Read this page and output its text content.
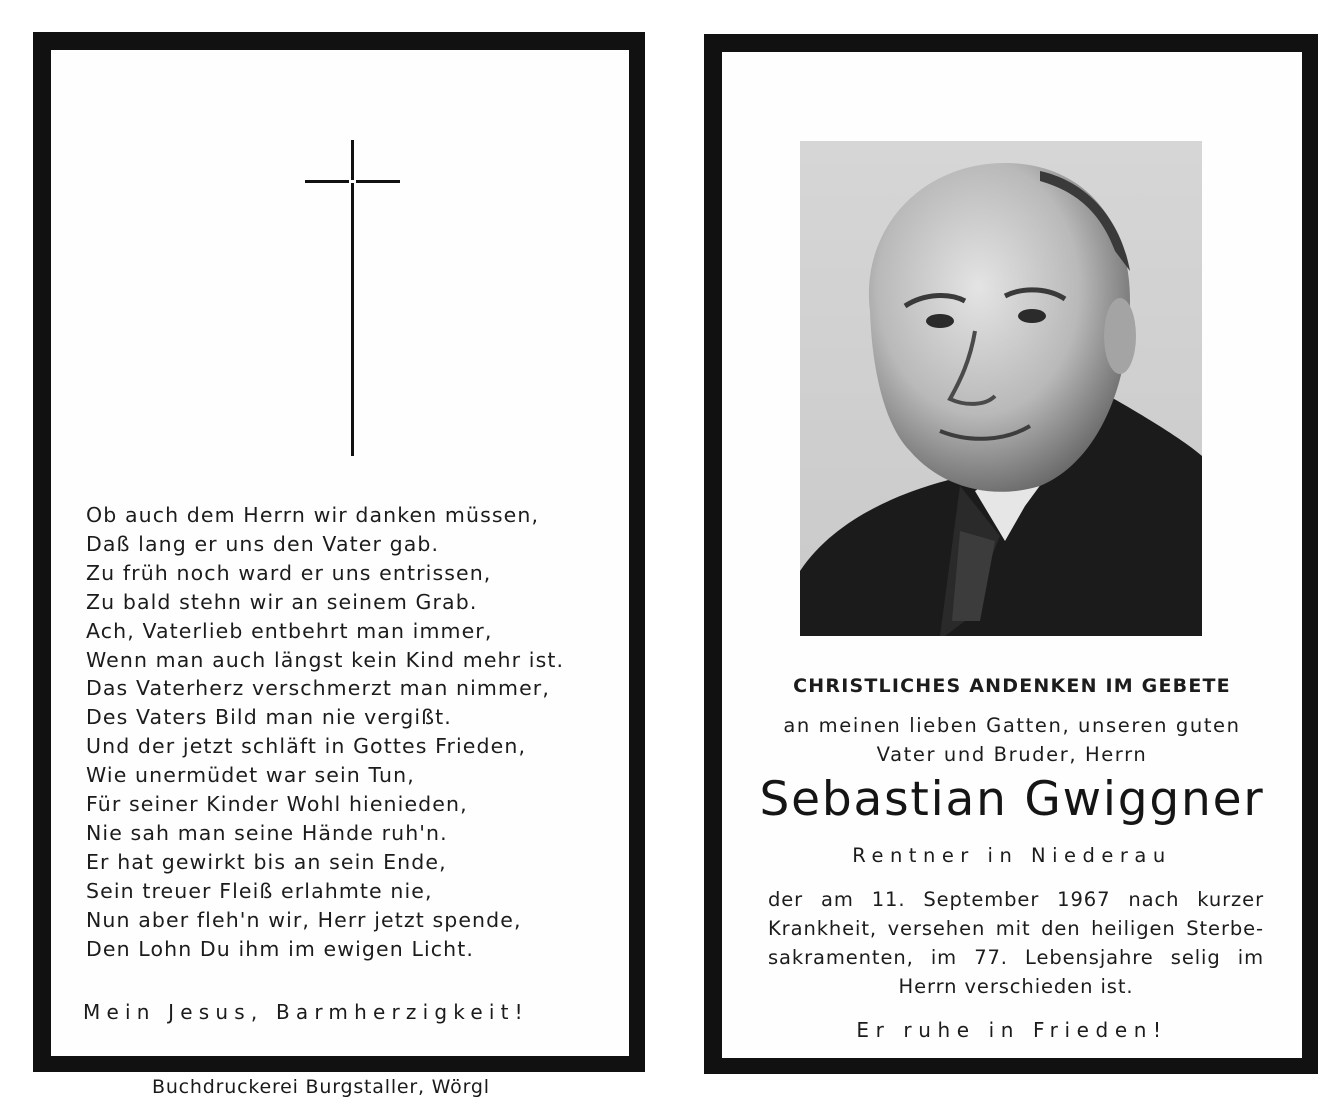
Ob auch dem Herrn wir danken müssen,
Daß lang er uns den Vater gab.
Zu früh noch ward er uns entrissen,
Zu bald stehn wir an seinem Grab.
Ach, Vaterlieb entbehrt man immer,
Wenn man auch längst kein Kind mehr ist.
Das Vaterherz verschmerzt man nimmer,
Des Vaters Bild man nie vergißt.
Und der jetzt schläft in Gottes Frieden,
Wie unermüdet war sein Tun,
Für seiner Kinder Wohl hienieden,
Nie sah man seine Hände ruh'n.
Er hat gewirkt bis an sein Ende,
Sein treuer Fleiß erlahmte nie,
Nun aber fleh'n wir, Herr jetzt spende,
Den Lohn Du ihm im ewigen Licht.

Mein Jesus, Barmherzigkeit!

Buchdruckerei Burgstaller, Wörgl

CHRISTLICHES ANDENKEN IM GEBETE

an meinen lieben Gatten, unseren guten

Vater und Bruder, Herrn

Sebastian Gwiggner

Rentner in Niederau

der am 11. September 1967 nach kurzer
Krankheit, versehen mit den heiligen Sterbe-
sakramenten, im 77. Lebensjahre selig im
Herrn verschieden ist.

Er ruhe in Frieden!
